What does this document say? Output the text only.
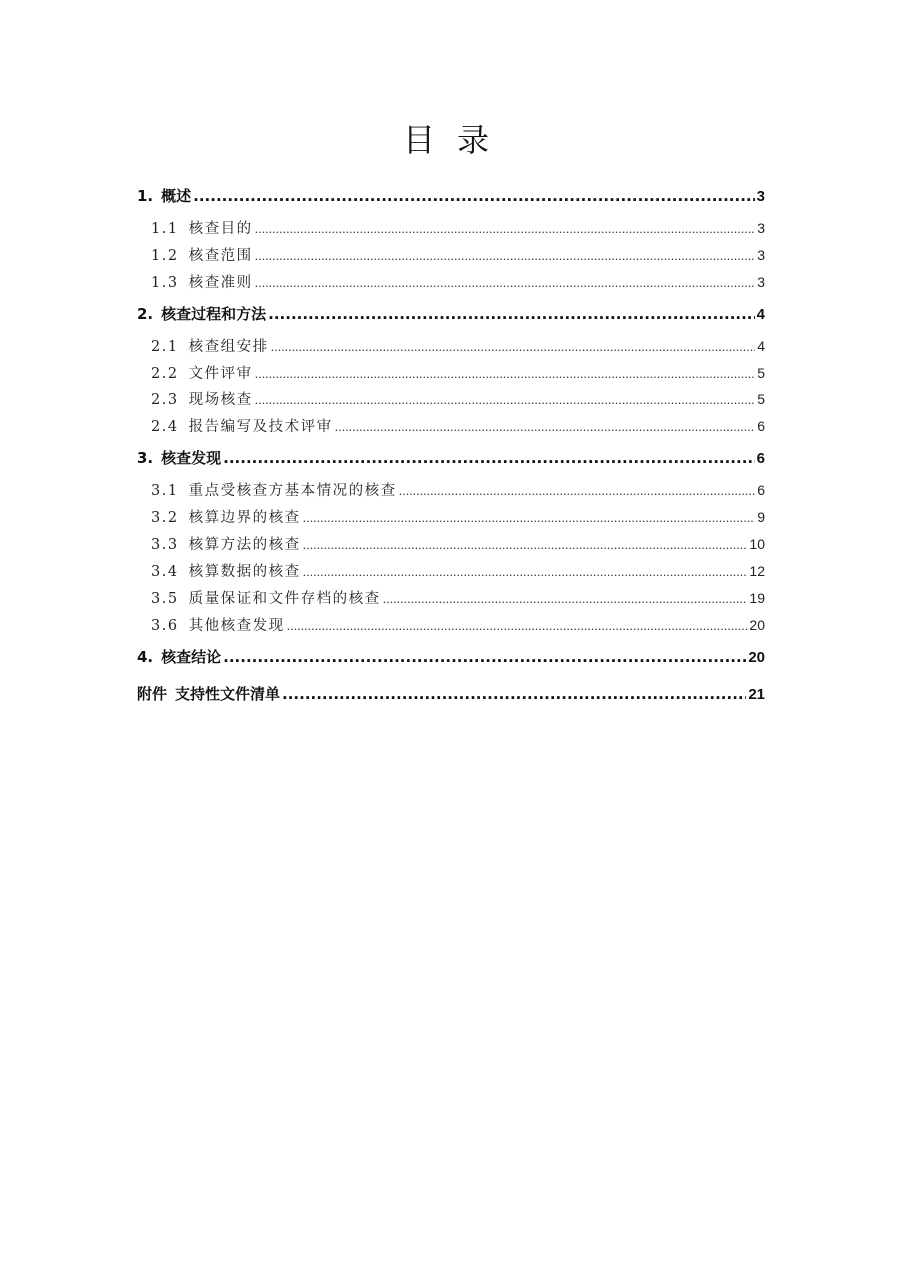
目录
1. 概述 .....	3
1.1 核查目的 .....	3
1.2 核查范围 .....	3
1.3 核查准则 .....	3
2. 核查过程和方法 .....	4
2.1 核查组安排 .....	4
2.2 文件评审 .....	5
2.3 现场核查 .....	5
2.4 报告编写及技术评审 .....	6
3. 核查发现 .....	6
3.1 重点受核查方基本情况的核查 .....	6
3.2 核算边界的核查 .....	9
3.3 核算方法的核查 .....	10
3.4 核算数据的核查 .....	12
3.5 质量保证和文件存档的核查 .....	19
3.6 其他核查发现 .....	20
4. 核查结论 .....	20
附件 支持性文件清单 .....	21
